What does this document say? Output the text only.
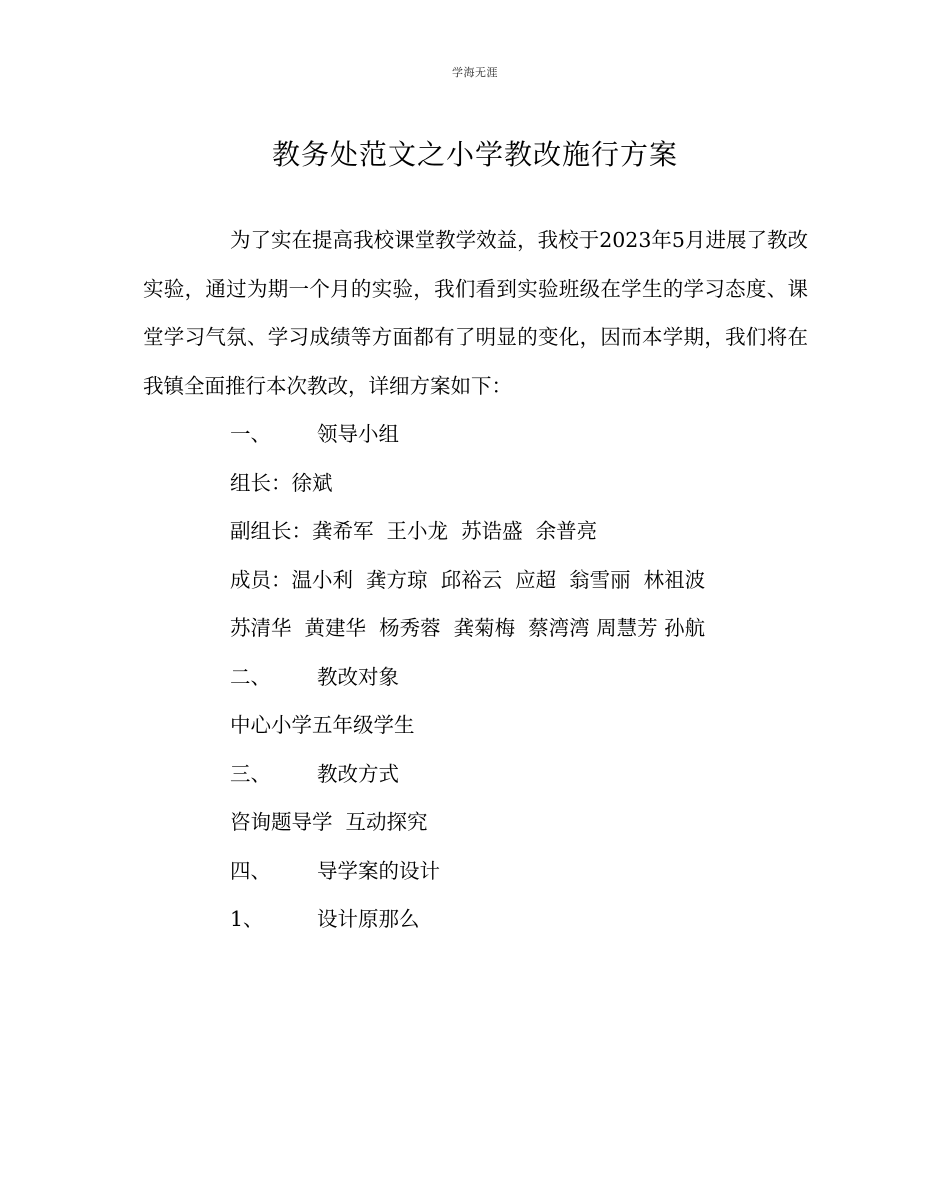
学海无涯
教务处范文之小学教改施行方案

为了实在提高我校课堂教学效益，我校于2023年5月进展了教改实验，通过为期一个月的实验，我们看到实验班级在学生的学习态度、课堂学习气氛、学习成绩等方面都有了明显的变化，因而本学期，我们将在我镇全面推行本次教改，详细方案如下：

一、 领导小组

组长：徐斌

副组长：龚希军  王小龙  苏诰盛  余普亮

成员：温小利  龚方琼  邱裕云  应超  翁雪丽  林祖波

苏清华  黄建华  杨秀蓉  龚菊梅  蔡湾湾 周慧芳 孙航

二、 教改对象

中心小学五年级学生

三、 教改方式

咨询题导学  互动探究

四、 导学案的设计

1、	设计原那么
